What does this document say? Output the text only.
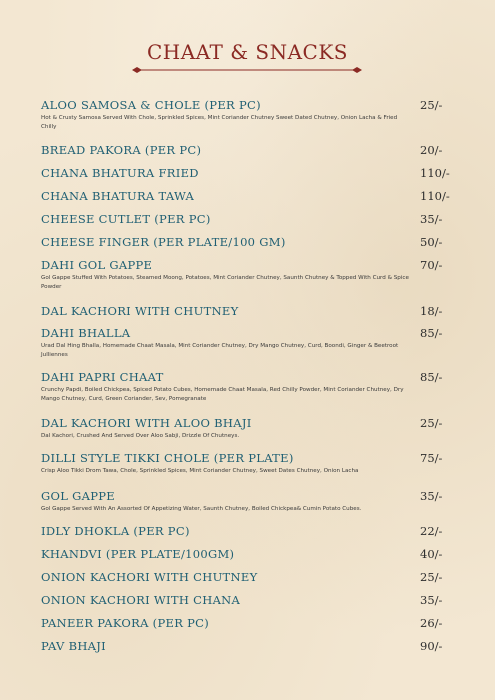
CHAAT & SNACKS
ALOO SAMOSA & CHOLE (PER PC)	25/-
Hot & Crusty Samosa Served With Chole, Sprinkled Spices, Mint Coriander Chutney Sweet Dated Chutney, Onion Lacha & Fried Chilly
BREAD PAKORA (PER PC)	20/-
CHANA BHATURA FRIED	110/-
CHANA BHATURA TAWA	110/-
CHEESE CUTLET (PER PC)	35/-
CHEESE FINGER (PER PLATE/100 GM)	50/-
DAHI GOL GAPPE	70/-
Gol Gappe Stuffed With Potatoes, Steamed Moong, Potatoes, Mint Coriander Chutney, Saunth Chutney & Topped With Curd & Spice Powder
DAL KACHORI WITH CHUTNEY	18/-
DAHI BHALLA	85/-
Urad Dal Hing Bhalla, Homemade Chaat Masala, Mint Coriander Chutney, Dry Mango Chutney, Curd, Boondi, Ginger & Beetroot Julliennes
DAHI PAPRI CHAAT	85/-
Crunchy Papdi, Boiled Chickpea, Spiced Potato Cubes, Homemade Chaat Masala, Red Chilly Powder, Mint Coriander Chutney, Dry Mango Chutney, Curd, Green Coriander, Sev, Pomegranate
DAL KACHORI WITH ALOO BHAJI	25/-
Dal Kachori, Crushed And Served Over Aloo Sabji, Drizzle Of Chutneys.
DILLI STYLE TIKKI CHOLE (PER PLATE)	75/-
Crisp Aloo Tikki Drom Tawa, Chole, Sprinkled Spices, Mint Coriander Chutney, Sweet Dates Chutney, Onion Lacha
GOL GAPPE	35/-
Gol Gappe Served With An Assorted Of Appetizing Water, Saunth Chutney, Boiled Chickpea& Cumin Potato Cubes.
IDLY DHOKLA (PER PC)	22/-
KHANDVI (PER PLATE/100GM)	40/-
ONION KACHORI WITH CHUTNEY	25/-
ONION KACHORI WITH CHANA	35/-
PANEER PAKORA (PER PC)	26/-
PAV BHAJI	90/-
